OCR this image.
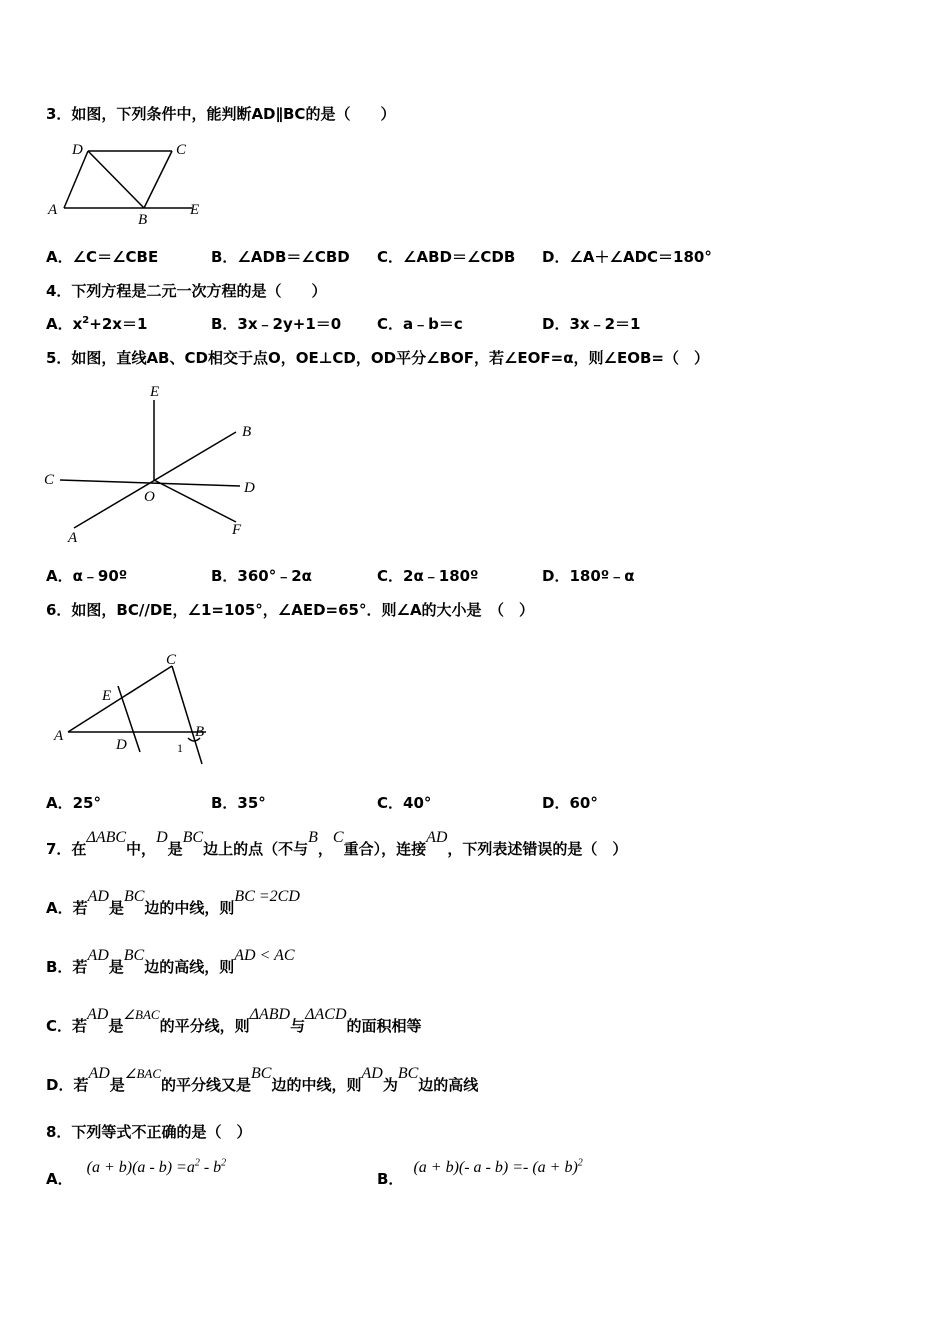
3．如图，下列条件中，能判断AD∥BC的是（　　）
D	C
A
B
E
A．∠C＝∠CBE	B．∠ADB＝∠CBD C．∠ABD＝∠CDB D．∠A＋∠ADC＝180°
4．下列方程是二元一次方程的是（　　）
A．$x^2+2x=1$	B．3x﹣2y+1＝0 C．a﹣b＝c	D．3x﹣2＝1
5．如图，直线AB、CD相交于点O，OE⊥CD，OD平分∠BOF，若∠EOF=α，则∠EOB=（　）
E
B
C
O
D
A	F
A．α﹣90º	B．360°﹣2α	C．2α﹣180º	D．180º﹣α
6．如图，BC//DE，∠1=105°，∠AED=65°．则∠A的大小是　（　）
C
E
A
D
B
1
A．25°	B．35°	C．40°	D．60°
7．在ΔABC中，D是BC边上的点（不与B，C重合），连接AD，下列表述错误的是（　）
A．若AD是BC边的中线，则BC =2CD
B．若AD是BC边的高线，则AD < AC
C．若AD是∠BAC的平分线，则ΔABD与ΔACD的面积相等
D．若AD是∠BAC的平分线又是BC边的中线，则AD为BC边的高线
8．下列等式不正确的是（　）
A．$(a + b)(a - b) =a^2 - b^2$
B．(a + b)(- $a - b) =- (a + b)^2$
